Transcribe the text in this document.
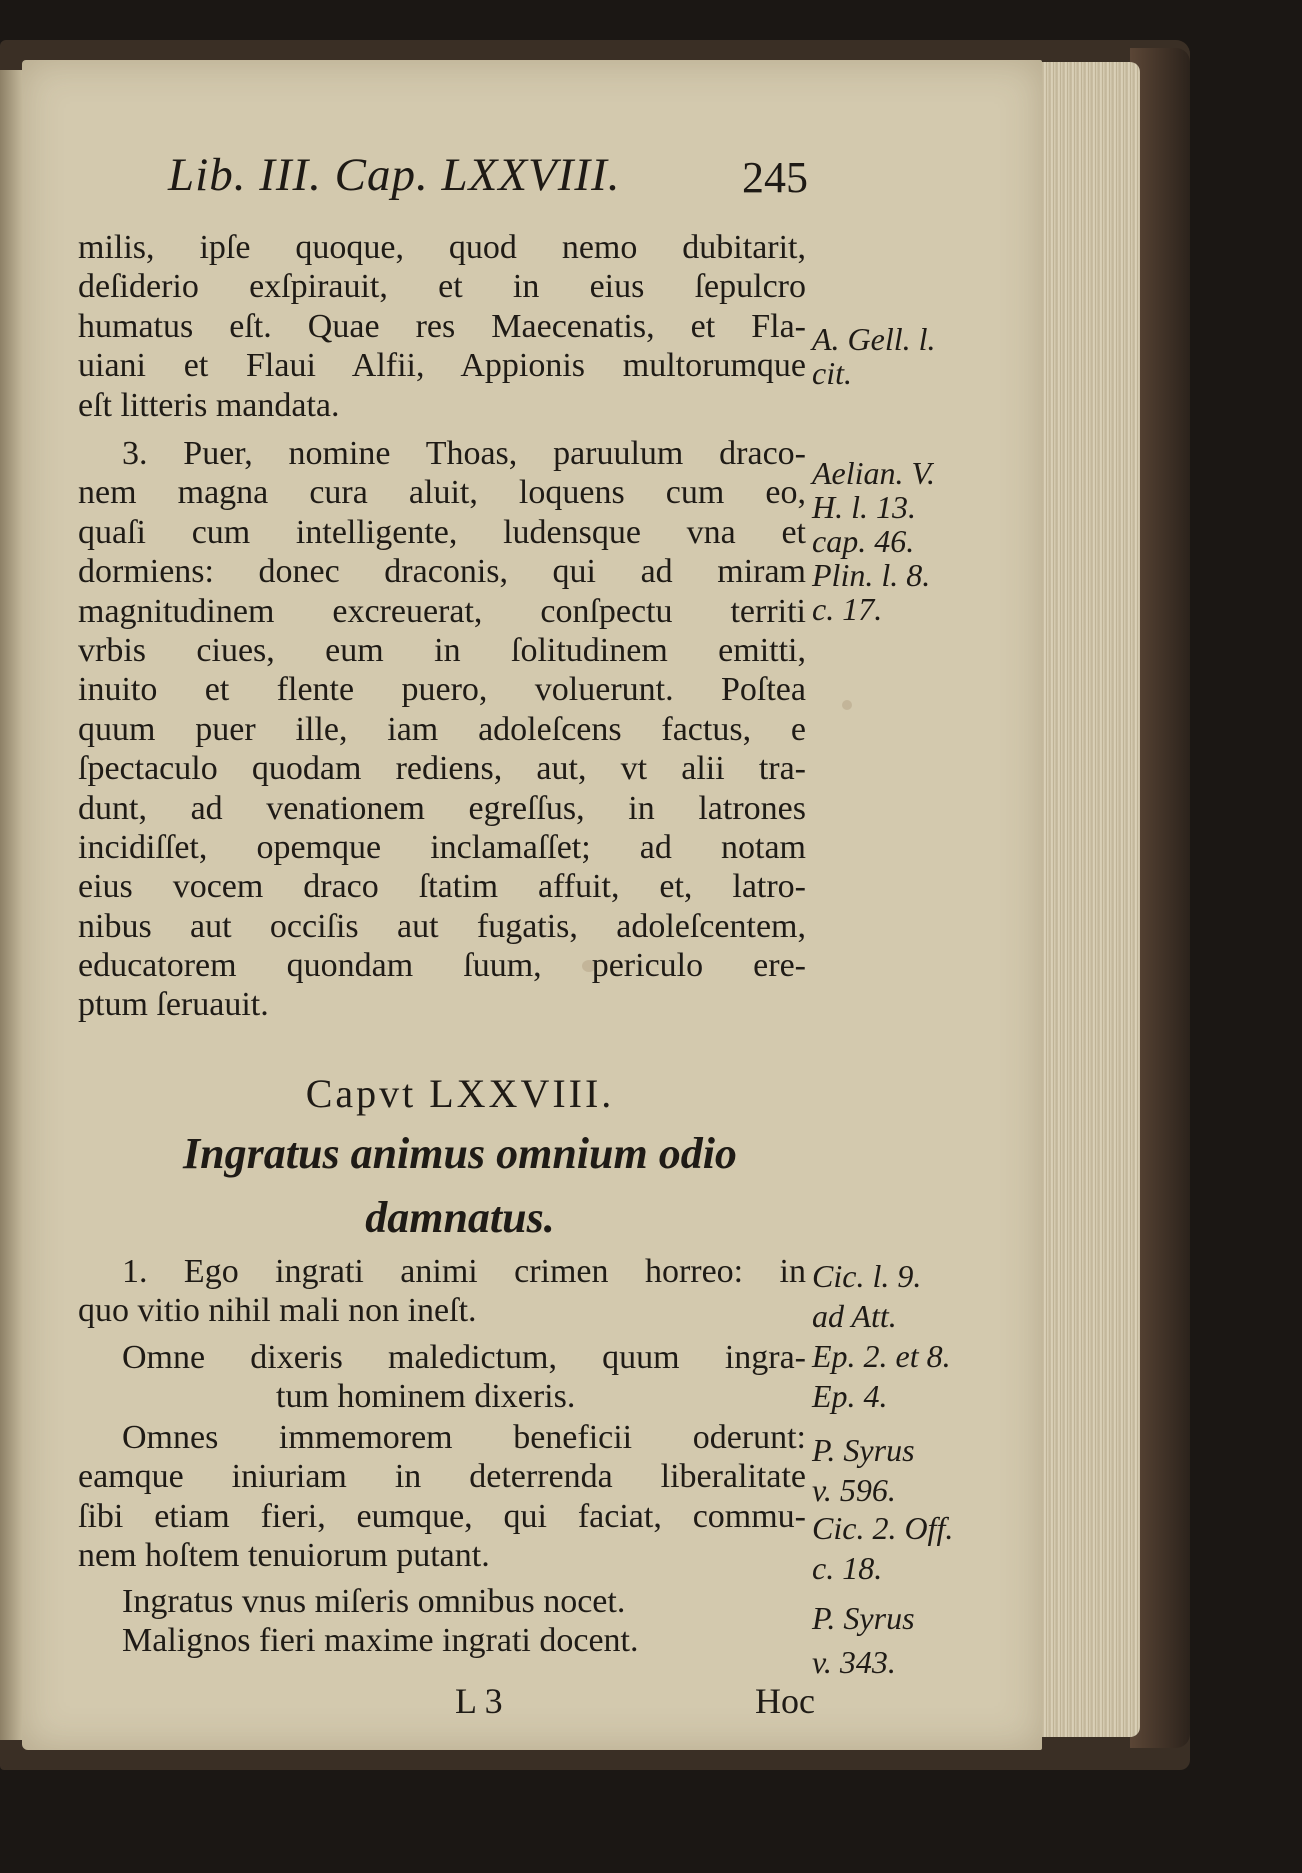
Lib. III. Cap. LXXVIII.	245
milis, ipſe quoque, quod nemo dubitarit,
deſiderio exſpirauit, et in eius ſepulcro
humatus eſt. Quae res Maecenatis, et Fla-
uiani et Flaui Alfii, Appionis multorumque
eſt litteris mandata.
3. Puer, nomine Thoas, paruulum draco-
nem magna cura aluit, loquens cum eo,
quaſi cum intelligente, ludensque vna et
dormiens: donec draconis, qui ad miram
magnitudinem excreuerat, conſpectu territi
vrbis ciues, eum in ſolitudinem emitti,
inuito et flente puero, voluerunt. Poſtea
quum puer ille, iam adoleſcens factus, e
ſpectaculo quodam rediens, aut, vt alii tra-
dunt, ad venationem egreſſus, in latrones
incidiſſet, opemque inclamaſſet; ad notam
eius vocem draco ſtatim affuit, et, latro-
nibus aut occiſis aut fugatis, adoleſcentem,
educatorem quondam ſuum, periculo ere-
ptum ſeruauit.
Capvt LXXVIII.
Ingratus animus omnium odio
damnatus.
1. Ego ingrati animi crimen horreo: in
quo vitio nihil mali non ineſt.
Omne dixeris maledictum, quum ingra-
tum hominem dixeris.
Omnes immemorem beneficii oderunt:
eamque iniuriam in deterrenda liberalitate
ſibi etiam fieri, eumque, qui faciat, commu-
nem hoſtem tenuiorum putant.
Ingratus vnus miſeris omnibus nocet.
Malignos fieri maxime ingrati docent.
L 3	Hoc
A. Gell. l.
cit.
Aelian. V.
H. l. 13.
cap. 46.
Plin. l. 8.
c. 17.
Cic. l. 9.
ad Att.
Ep. 2. et 8.
Ep. 4.
P. Syrus
v. 596.
Cic. 2. Off.
c. 18.
P. Syrus
v. 343.
